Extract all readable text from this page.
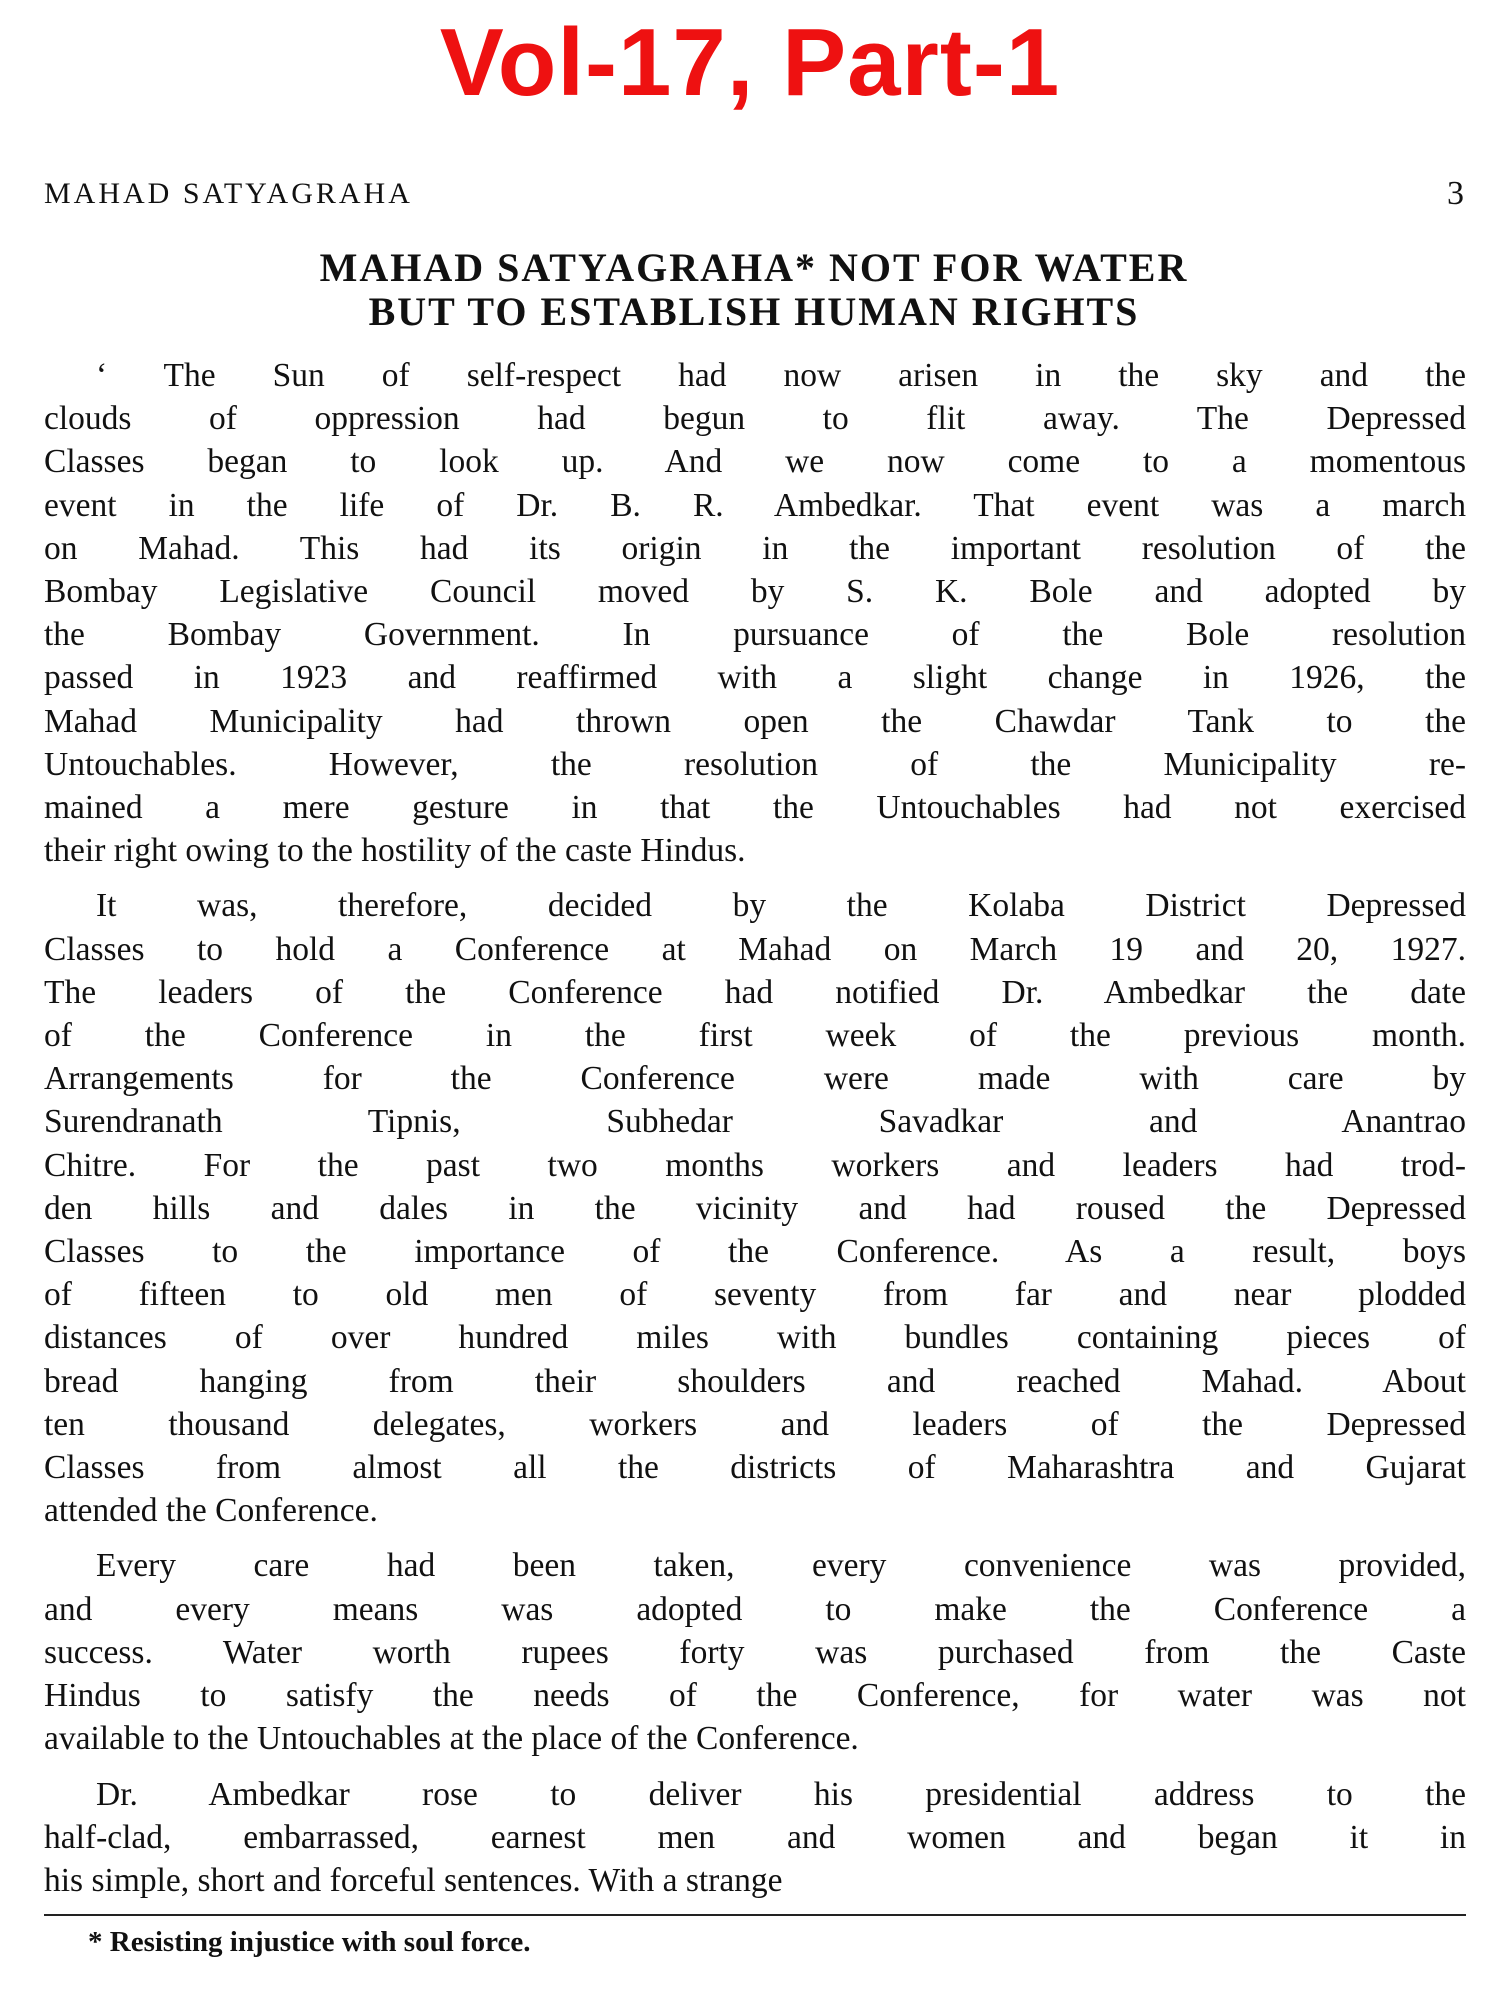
Vol-17, Part-1
MAHAD SATYAGRAHA	3
MAHAD SATYAGRAHA* NOT FOR WATER
BUT TO ESTABLISH HUMAN RIGHTS
‘ The Sun of self-respect had now arisen in the sky and the
clouds of oppression had begun to flit away. The Depressed
Classes began to look up. And we now come to a momentous
event in the life of Dr. B. R. Ambedkar. That event was a march
on Mahad. This had its origin in the important resolution of the
Bombay Legislative Council moved by S. K. Bole and adopted by
the Bombay Government. In pursuance of the Bole resolution
passed in 1923 and reaffirmed with a slight change in 1926, the
Mahad Municipality had thrown open the Chawdar Tank to the
Untouchables. However, the resolution of the Municipality re-
mained a mere gesture in that the Untouchables had not exercised
their right owing to the hostility of the caste Hindus.
It was, therefore, decided by the Kolaba District Depressed
Classes to hold a Conference at Mahad on March 19 and 20, 1927.
The leaders of the Conference had notified Dr. Ambedkar the date
of the Conference in the first week of the previous month.
Arrangements for the Conference were made with care by
Surendranath Tipnis, Subhedar Savadkar and Anantrao
Chitre. For the past two months workers and leaders had trod-
den hills and dales in the vicinity and had roused the Depressed
Classes to the importance of the Conference. As a result, boys
of fifteen to old men of seventy from far and near plodded
distances of over hundred miles with bundles containing pieces of
bread hanging from their shoulders and reached Mahad. About
ten thousand delegates, workers and leaders of the Depressed
Classes from almost all the districts of Maharashtra and Gujarat
attended the Conference.
Every care had been taken, every convenience was provided,
and every means was adopted to make the Conference a
success. Water worth rupees forty was purchased from the Caste
Hindus to satisfy the needs of the Conference, for water was not
available to the Untouchables at the place of the Conference.
Dr. Ambedkar rose to deliver his presidential address to the
half-clad, embarrassed, earnest men and women and began it in
his simple, short and forceful sentences. With a strange
* Resisting injustice with soul force.
